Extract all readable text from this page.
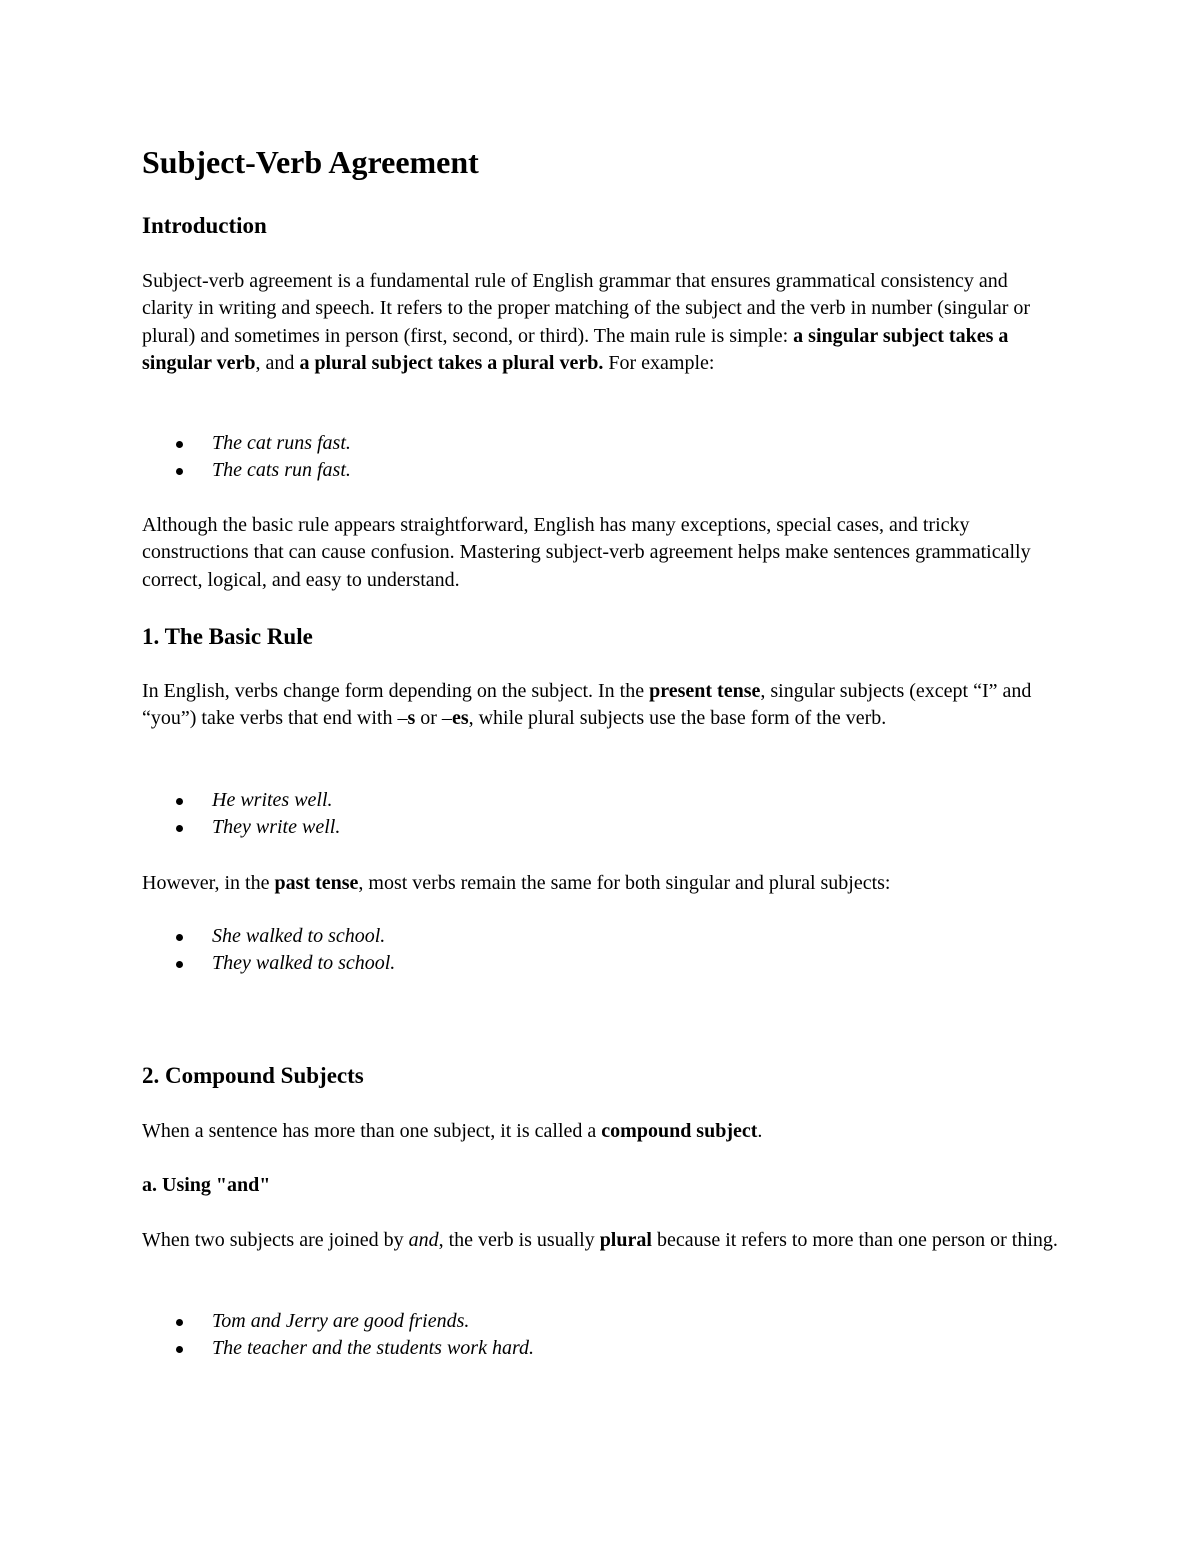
Subject-Verb Agreement
Introduction

Subject-verb agreement is a fundamental rule of English grammar that ensures grammatical consistency and clarity in writing and speech. It refers to the proper matching of the subject and the verb in number (singular or plural) and sometimes in person (first, second, or third). The main rule is simple: a singular subject takes a singular verb, and a plural subject takes a plural verb. For example:

The cat runs fast.
The cats run fast.

Although the basic rule appears straightforward, English has many exceptions, special cases, and tricky constructions that can cause confusion. Mastering subject-verb agreement helps make sentences grammatically correct, logical, and easy to understand.

1. The Basic Rule

In English, verbs change form depending on the subject. In the present tense, singular subjects (except “I” and “you”) take verbs that end with –s or –es, while plural subjects use the base form of the verb.

He writes well.
They write well.

However, in the past tense, most verbs remain the same for both singular and plural subjects:

She walked to school.
They walked to school.
2. Compound Subjects

When a sentence has more than one subject, it is called a compound subject.

a. Using "and"

When two subjects are joined by and, the verb is usually plural because it refers to more than one person or thing.

Tom and Jerry are good friends.
The teacher and the students work hard.
